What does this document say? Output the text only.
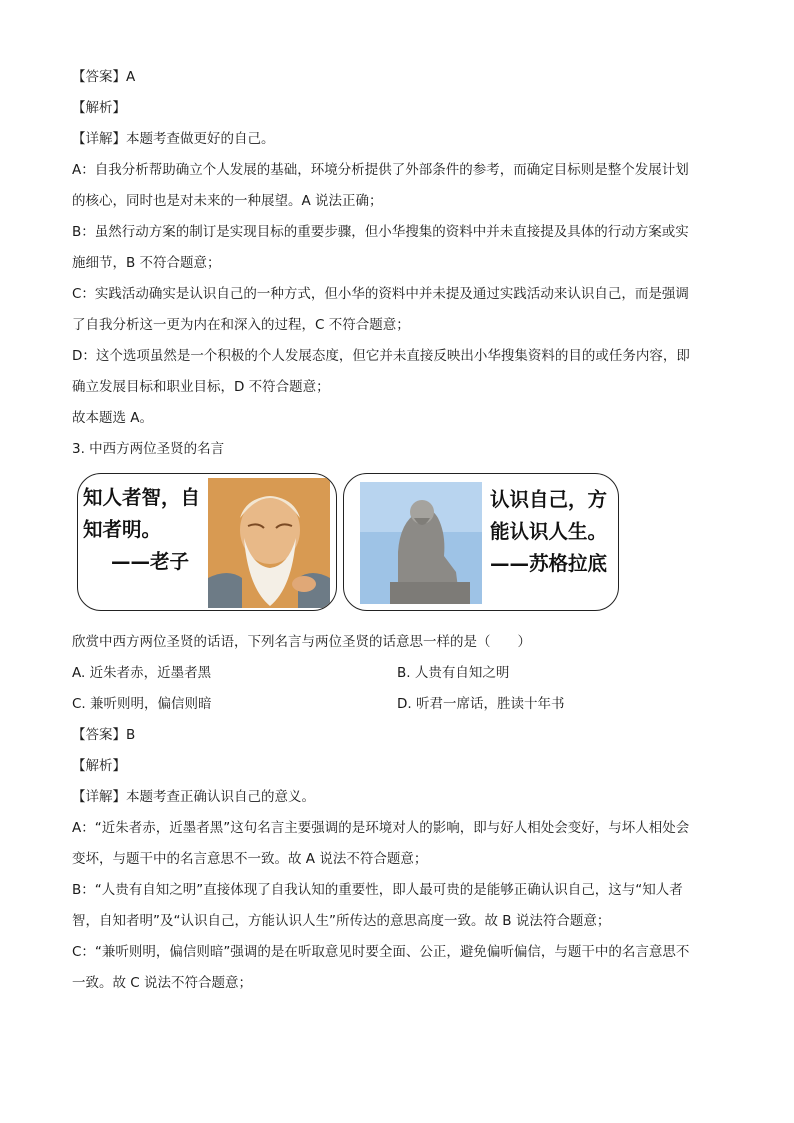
【答案】A
【解析】
【详解】本题考查做更好的自己。
A：自我分析帮助确立个人发展的基础，环境分析提供了外部条件的参考，而确定目标则是整个发展计划
的核心，同时也是对未来的一种展望。A 说法正确；
B：虽然行动方案的制订是实现目标的重要步骤，但小华搜集的资料中并未直接提及具体的行动方案或实
施细节，B 不符合题意；
C：实践活动确实是认识自己的一种方式，但小华的资料中并未提及通过实践活动来认识自己，而是强调
了自我分析这一更为内在和深入的过程，C 不符合题意；
D：这个选项虽然是一个积极的个人发展态度，但它并未直接反映出小华搜集资料的目的或任务内容，即
确立发展目标和职业目标，D 不符合题意；
故本题选 A。
3. 中西方两位圣贤的名言
知人者智，自
知者明。
——老子
认识自己，方
能认识人生。
——苏格拉底
欣赏中西方两位圣贤的话语，下列名言与两位圣贤的话意思一样的是（　　）
A. 近朱者赤，近墨者黑	B. 人贵有自知之明
C. 兼听则明，偏信则暗	D. 听君一席话，胜读十年书
【答案】B
【解析】
【详解】本题考查正确认识自己的意义。
A：“近朱者赤，近墨者黑”这句名言主要强调的是环境对人的影响，即与好人相处会变好，与坏人相处会
变坏，与题干中的名言意思不一致。故 A 说法不符合题意；
B：“人贵有自知之明”直接体现了自我认知的重要性，即人最可贵的是能够正确认识自己，这与“知人者
智，自知者明”及“认识自己，方能认识人生”所传达的意思高度一致。故 B 说法符合题意；
C：“兼听则明，偏信则暗”强调的是在听取意见时要全面、公正，避免偏听偏信，与题干中的名言意思不
一致。故 C 说法不符合题意；
